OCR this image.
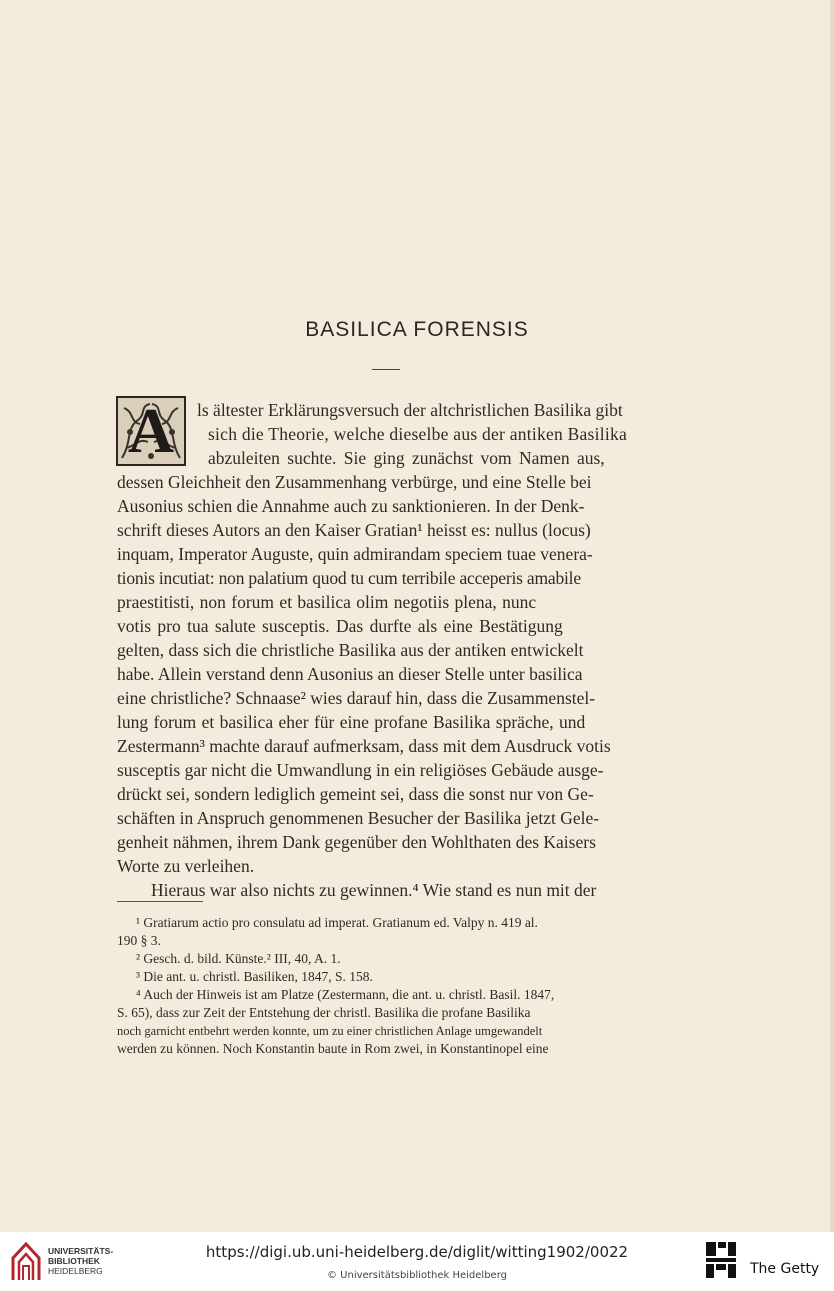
BASILICA FORENSIS
A	ls ältester Erklärungsversuch der altchristlichen Basilika gibt
sich die Theorie, welche dieselbe aus der antiken Basilika
abzuleiten suchte. Sie ging zunächst vom Namen aus,
dessen Gleichheit den Zusammenhang verbürge, und eine Stelle bei
Ausonius schien die Annahme auch zu sanktionieren. In der Denk-
schrift dieses Autors an den Kaiser Gratian¹ heisst es: nullus (locus)
inquam, Imperator Auguste, quin admirandam speciem tuae venera-
tionis incutiat: non palatium quod tu cum terribile acceperis amabile
praestitisti, non forum et basilica olim negotiis plena, nunc
votis pro tua salute susceptis. Das durfte als eine Bestätigung
gelten, dass sich die christliche Basilika aus der antiken entwickelt
habe. Allein verstand denn Ausonius an dieser Stelle unter basilica
eine christliche? Schnaase² wies darauf hin, dass die Zusammenstel-
lung forum et basilica eher für eine profane Basilika spräche, und
Zestermann³ machte darauf aufmerksam, dass mit dem Ausdruck votis
susceptis gar nicht die Umwandlung in ein religiöses Gebäude ausge-
drückt sei, sondern lediglich gemeint sei, dass die sonst nur von Ge-
schäften in Anspruch genommenen Besucher der Basilika jetzt Gele-
genheit nähmen, ihrem Dank gegenüber den Wohlthaten des Kaisers
Worte zu verleihen.
Hieraus war also nichts zu gewinnen.⁴ Wie stand es nun mit der
¹ Gratiarum actio pro consulatu ad imperat. Gratianum ed. Valpy n. 419 al.
190 § 3.
² Gesch. d. bild. Künste.² III, 40, A. 1.
³ Die ant. u. christl. Basiliken, 1847, S. 158.
⁴ Auch der Hinweis ist am Platze (Zestermann, die ant. u. christl. Basil. 1847,
S. 65), dass zur Zeit der Entstehung der christl. Basilika die profane Basilika
noch garnicht entbehrt werden konnte, um zu einer christlichen Anlage umgewandelt
werden zu können. Noch Konstantin baute in Rom zwei, in Konstantinopel eine
UNIVERSITÄTS-
BIBLIOTHEK
HEIDELBERG
https://digi.ub.uni-heidelberg.de/diglit/witting1902/0022
© Universitätsbibliothek Heidelberg	The Getty
